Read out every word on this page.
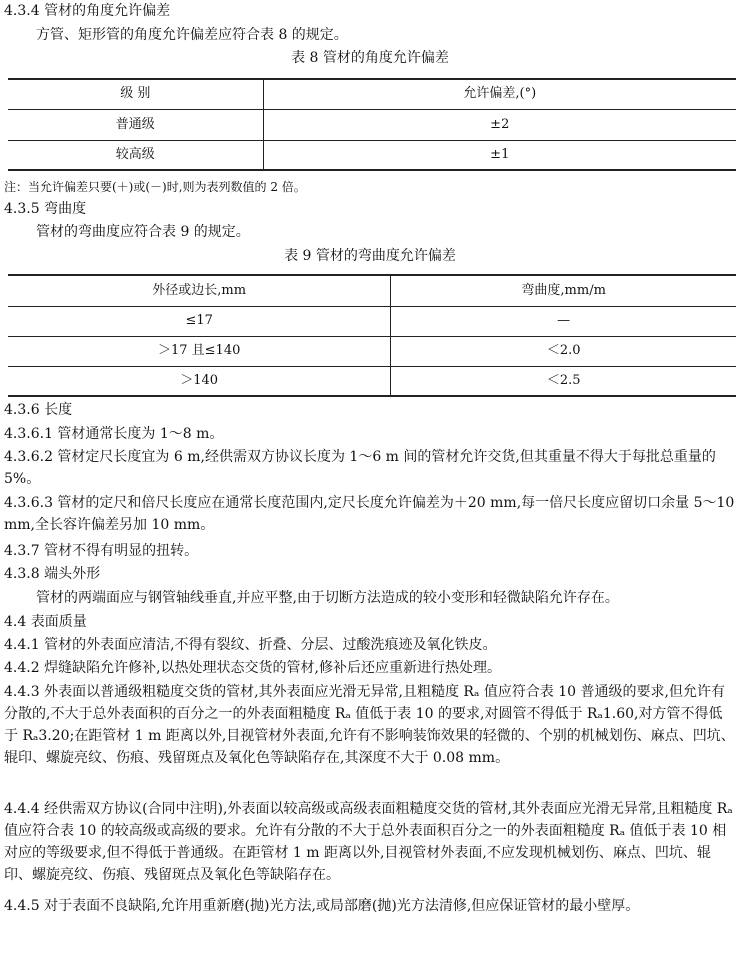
4.3.4 管材的角度允许偏差
方管、矩形管的角度允许偏差应符合表 8 的规定。
表 8 管材的角度允许偏差
级 别	允许偏差,(°)
普通级	±2
较高级	±1
注：当允许偏差只要(＋)或(－)时,则为表列数值的 2 倍。
4.3.5 弯曲度
管材的弯曲度应符合表 9 的规定。
表 9 管材的弯曲度允许偏差
外径或边长,mm	弯曲度,mm/m
≤17	—
＞17 且≤140	＜2.0
＞140	＜2.5
4.3.6 长度
4.3.6.1 管材通常长度为 1～8 m。
4.3.6.2 管材定尺长度宜为 6 m,经供需双方协议长度为 1～6 m 间的管材允许交货,但其重量不得大于每批总重量的 5%。
4.3.6.3 管材的定尺和倍尺长度应在通常长度范围内,定尺长度允许偏差为＋20 mm,每一倍尺长度应留切口余量 5～10 mm,全长容许偏差另加 10 mm。
4.3.7 管材不得有明显的扭转。
4.3.8 端头外形
管材的两端面应与钢管轴线垂直,并应平整,由于切断方法造成的较小变形和轻微缺陷允许存在。
4.4 表面质量
4.4.1 管材的外表面应清洁,不得有裂纹、折叠、分层、过酸洗痕迹及氧化铁皮。
4.4.2 焊缝缺陷允许修补,以热处理状态交货的管材,修补后还应重新进行热处理。
4.4.3 外表面以普通级粗糙度交货的管材,其外表面应光滑无异常,且粗糙度 Rₐ 值应符合表 10 普通级的要求,但允许有分散的,不大于总外表面积的百分之一的外表面粗糙度 Rₐ 值低于表 10 的要求,对圆管不得低于 Rₐ1.60,对方管不得低于 Rₐ3.20;在距管材 1 m 距离以外,目视管材外表面,允许有不影响装饰效果的轻微的、个别的机械划伤、麻点、凹坑、辊印、螺旋亮纹、伤痕、残留斑点及氧化色等缺陷存在,其深度不大于 0.08 mm。
4.4.4 经供需双方协议(合同中注明),外表面以较高级或高级表面粗糙度交货的管材,其外表面应光滑无异常,且粗糙度 Rₐ 值应符合表 10 的较高级或高级的要求。允许有分散的不大于总外表面积百分之一的外表面粗糙度 Rₐ 值低于表 10 相对应的等级要求,但不得低于普通级。在距管材 1 m 距离以外,目视管材外表面,不应发现机械划伤、麻点、凹坑、辊印、螺旋亮纹、伤痕、残留斑点及氧化色等缺陷存在。
4.4.5 对于表面不良缺陷,允许用重新磨(抛)光方法,或局部磨(抛)光方法清修,但应保证管材的最小壁厚。
